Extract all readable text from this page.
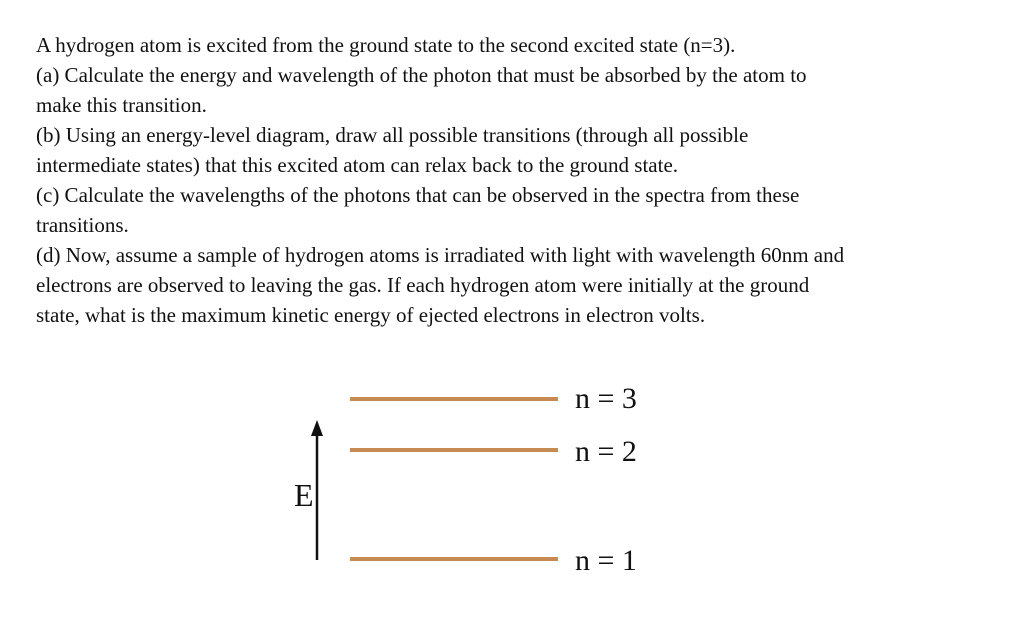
A hydrogen atom is excited from the ground state to the second excited state (n=3).

(a) Calculate the energy and wavelength of the photon that must be absorbed by the atom to

make this transition.

(b) Using an energy-level diagram, draw all possible transitions (through all possible

intermediate states) that this excited atom can relax back to the ground state.

(c) Calculate the wavelengths of the photons that can be observed in the spectra from these

transitions.

(d) Now, assume a sample of hydrogen atoms is irradiated with light with wavelength 60nm and

electrons are observed to leaving the gas. If each hydrogen atom were initially at the ground

state, what is the maximum kinetic energy of ejected electrons in electron volts.

E
n = 3
n = 2
n = 1
